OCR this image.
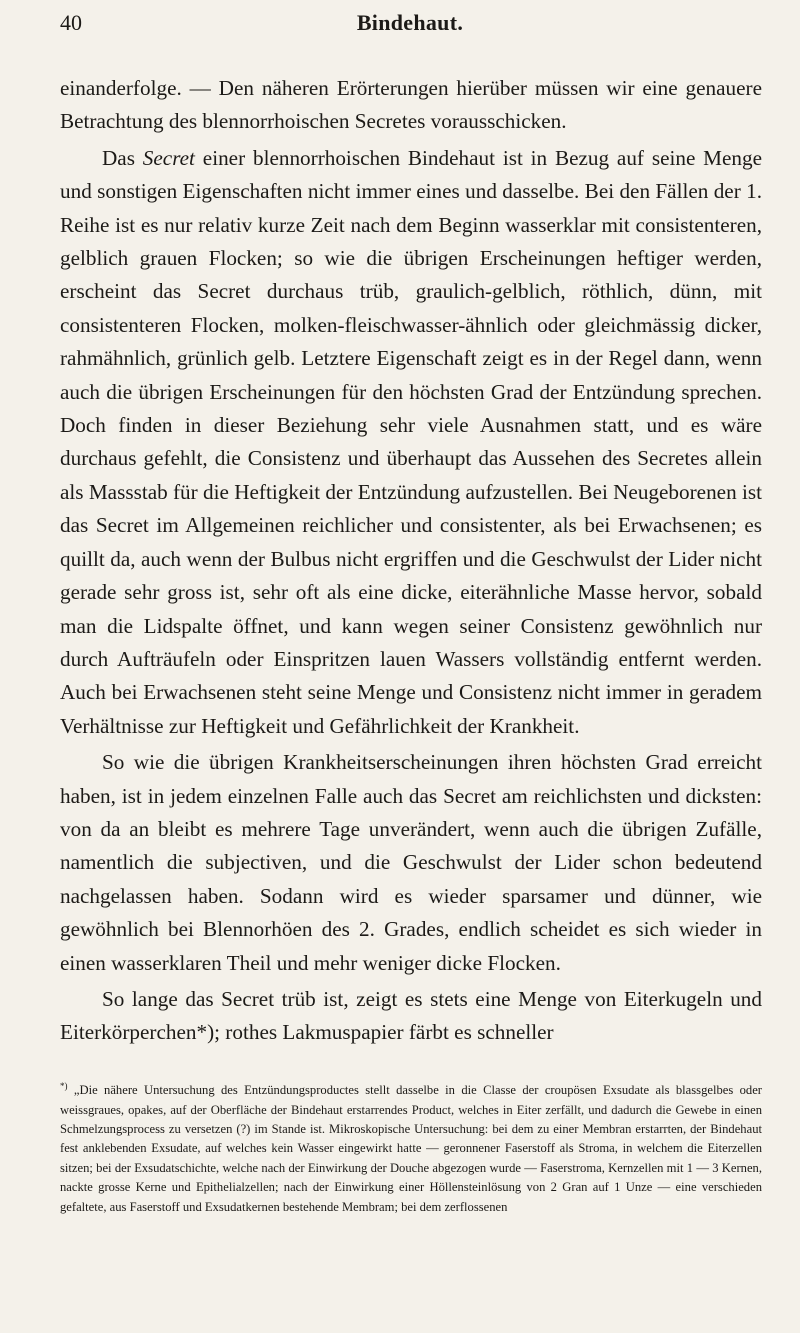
40	Bindehaut.

einanderfolge. — Den näheren Erörterungen hierüber müssen wir eine genauere Betrachtung des blennorrhoischen Secretes vorausschicken.

Das Secret einer blennorrhoischen Bindehaut ist in Bezug auf seine Menge und sonstigen Eigenschaften nicht immer eines und dasselbe. Bei den Fällen der 1. Reihe ist es nur relativ kurze Zeit nach dem Beginn wasserklar mit consistenteren, gelblich grauen Flocken; so wie die übrigen Erscheinungen heftiger werden, erscheint das Secret durchaus trüb, graulich-gelblich, röthlich, dünn, mit consistenteren Flocken, molken-fleischwasser-ähnlich oder gleichmässig dicker, rahmähnlich, grünlich gelb. Letztere Eigenschaft zeigt es in der Regel dann, wenn auch die übrigen Erscheinungen für den höchsten Grad der Entzündung sprechen. Doch finden in dieser Beziehung sehr viele Ausnahmen statt, und es wäre durchaus gefehlt, die Consistenz und überhaupt das Aussehen des Secretes allein als Massstab für die Heftigkeit der Entzündung aufzustellen. Bei Neugeborenen ist das Secret im Allgemeinen reichlicher und consistenter, als bei Erwachsenen; es quillt da, auch wenn der Bulbus nicht ergriffen und die Geschwulst der Lider nicht gerade sehr gross ist, sehr oft als eine dicke, eiterähnliche Masse hervor, sobald man die Lidspalte öffnet, und kann wegen seiner Consistenz gewöhnlich nur durch Aufträufeln oder Einspritzen lauen Wassers vollständig entfernt werden. Auch bei Erwachsenen steht seine Menge und Consistenz nicht immer in geradem Verhältnisse zur Heftigkeit und Gefährlichkeit der Krankheit.

So wie die übrigen Krankheitserscheinungen ihren höchsten Grad erreicht haben, ist in jedem einzelnen Falle auch das Secret am reichlichsten und dicksten: von da an bleibt es mehrere Tage unverändert, wenn auch die übrigen Zufälle, namentlich die subjectiven, und die Geschwulst der Lider schon bedeutend nachgelassen haben. Sodann wird es wieder sparsamer und dünner, wie gewöhnlich bei Blennorhöen des 2. Grades, endlich scheidet es sich wieder in einen wasserklaren Theil und mehr weniger dicke Flocken.

So lange das Secret trüb ist, zeigt es stets eine Menge von Eiterkugeln und Eiterkörperchen*); rothes Lakmuspapier färbt es schneller

*) „Die nähere Untersuchung des Entzündungsproductes stellt dasselbe in die Classe der croupösen Exsudate als blassgelbes oder weissgraues, opakes, auf der Oberfläche der Bindehaut erstarrendes Product, welches in Eiter zerfällt, und dadurch die Gewebe in einen Schmelzungsprocess zu versetzen (?) im Stande ist. Mikroskopische Untersuchung: bei dem zu einer Membran erstarrten, der Bindehaut fest anklebenden Exsudate, auf welches kein Wasser eingewirkt hatte — geronnener Faserstoff als Stroma, in welchem die Eiterzellen sitzen; bei der Exsudatschichte, welche nach der Einwirkung der Douche abgezogen wurde — Faserstroma, Kernzellen mit 1 — 3 Kernen, nackte grosse Kerne und Epithelialzellen; nach der Einwirkung einer Höllensteinlösung von 2 Gran auf 1 Unze — eine verschieden gefaltete, aus Faserstoff und Exsudatkernen bestehende Membram; bei dem zerflossenen
